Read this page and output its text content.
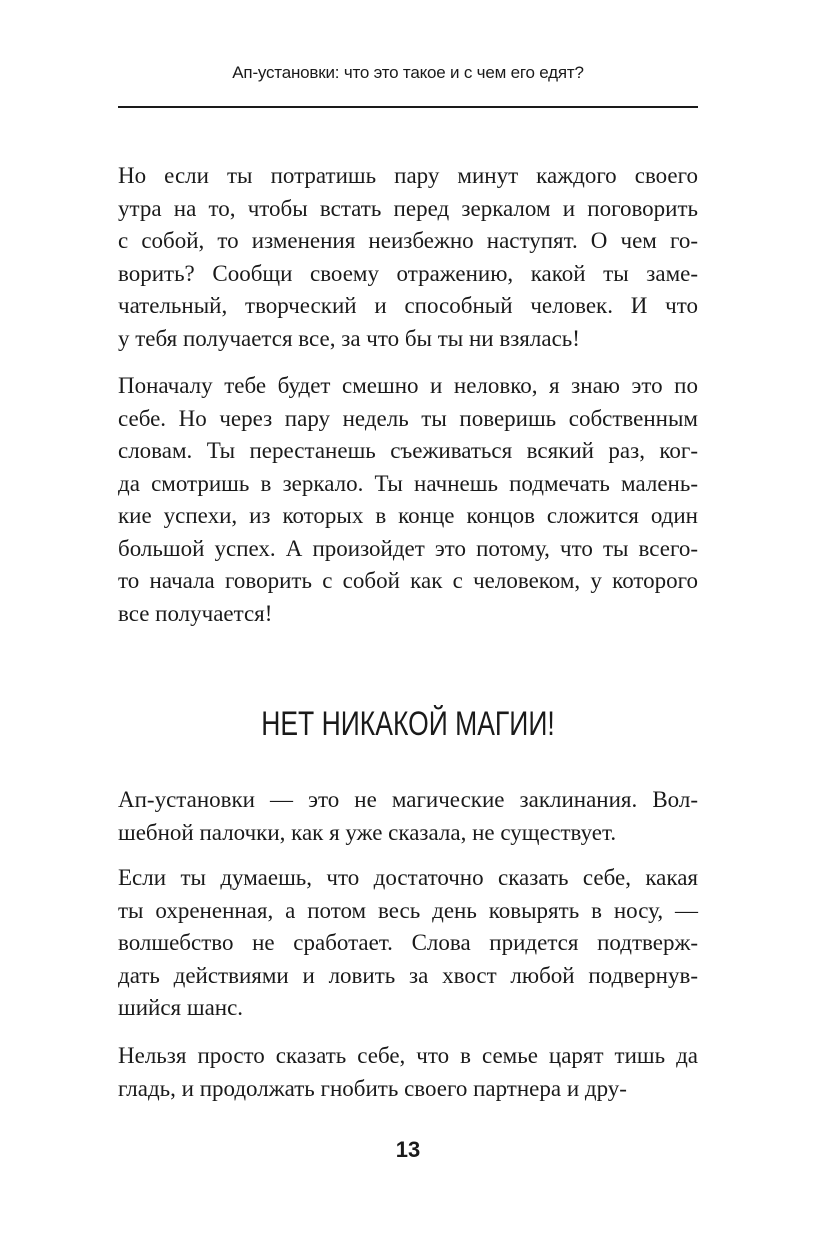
Ап-установки: что это такое и с чем его едят?
Но если ты потратишь пару минут каждого своего
утра на то, чтобы встать перед зеркалом и поговорить
с собой, то изменения неизбежно наступят. О чем го-
ворить? Сообщи своему отражению, какой ты заме-
чательный, творческий и способный человек. И что
у тебя получается все, за что бы ты ни взялась!
Поначалу тебе будет смешно и неловко, я знаю это по
себе. Но через пару недель ты поверишь собственным
словам. Ты перестанешь съеживаться всякий раз, ког-
да смотришь в зеркало. Ты начнешь подмечать малень-
кие успехи, из которых в конце концов сложится один
большой успех. А произойдет это потому, что ты всего-
то начала говорить с собой как с человеком, у которого
все получается!
НЕТ НИКАКОЙ МАГИИ!
Ап-установки — это не магические заклинания. Вол-
шебной палочки, как я уже сказала, не существует.
Если ты думаешь, что достаточно сказать себе, какая
ты охрененная, а потом весь день ковырять в носу, —
волшебство не сработает. Слова придется подтверж-
дать действиями и ловить за хвост любой подвернув-
шийся шанс.
Нельзя просто сказать себе, что в семье царят тишь да
гладь, и продолжать гнобить своего партнера и дру-
13
